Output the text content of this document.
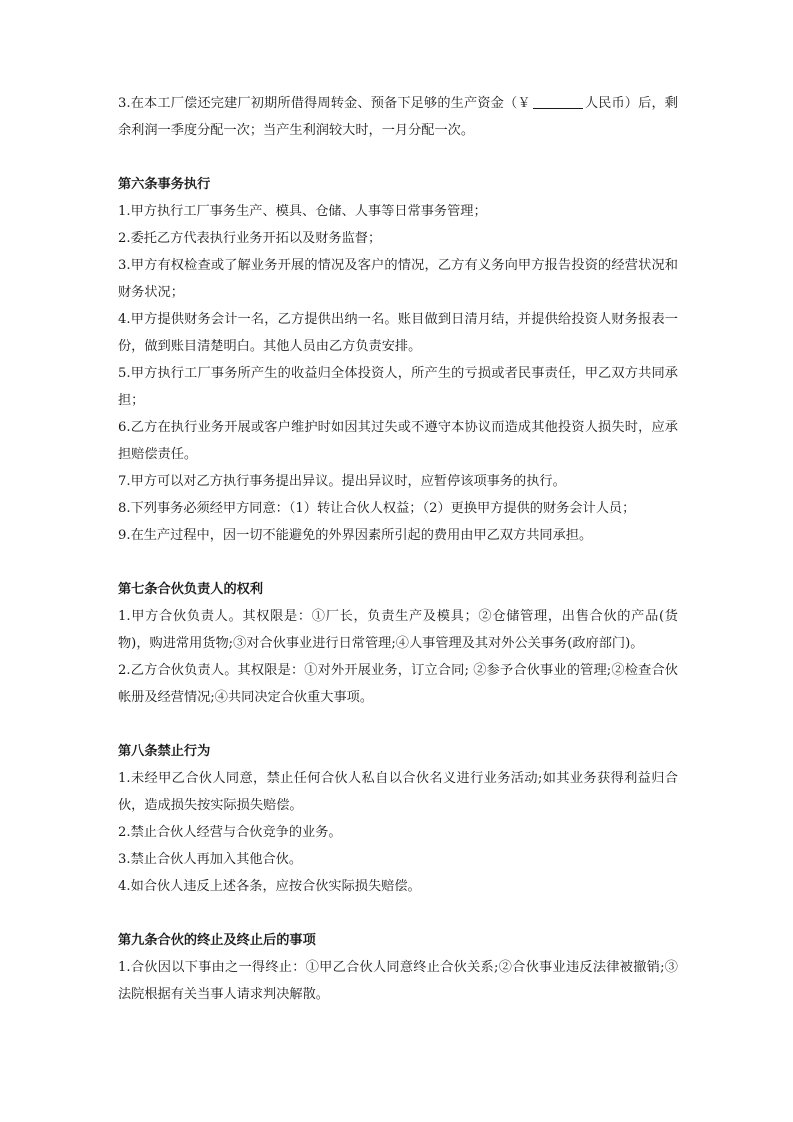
3.在本工厂偿还完建厂初期所借得周转金、预备下足够的生产资金（￥	人民币）后，剩余利润一季度分配一次；当产生利润较大时，一月分配一次。

第六条事务执行

1.甲方执行工厂事务生产、模具、仓储、人事等日常事务管理；

2.委托乙方代表执行业务开拓以及财务监督；

3.甲方有权检查或了解业务开展的情况及客户的情况，乙方有义务向甲方报告投资的经营状况和财务状况；

4.甲方提供财务会计一名，乙方提供出纳一名。账目做到日清月结，并提供给投资人财务报表一份，做到账目清楚明白。其他人员由乙方负责安排。

5.甲方执行工厂事务所产生的收益归全体投资人，所产生的亏损或者民事责任，甲乙双方共同承担；

6.乙方在执行业务开展或客户维护时如因其过失或不遵守本协议而造成其他投资人损失时，应承担赔偿责任。

7.甲方可以对乙方执行事务提出异议。提出异议时，应暂停该项事务的执行。

8.下列事务必须经甲方同意：（1）转让合伙人权益；（2）更换甲方提供的财务会计人员；

9.在生产过程中，因一切不能避免的外界因素所引起的费用由甲乙双方共同承担。

第七条合伙负责人的权利

1.甲方合伙负责人。其权限是：①厂长，负责生产及模具；②仓储管理，出售合伙的产品(货物)，购进常用货物;③对合伙事业进行日常管理;④人事管理及其对外公关事务(政府部门)。

2.乙方合伙负责人。其权限是：①对外开展业务，订立合同; ②参予合伙事业的管理;②检查合伙帐册及经营情况;④共同决定合伙重大事项。

第八条禁止行为

1.未经甲乙合伙人同意，禁止任何合伙人私自以合伙名义进行业务活动;如其业务获得利益归合伙，造成损失按实际损失赔偿。

2.禁止合伙人经营与合伙竞争的业务。

3.禁止合伙人再加入其他合伙。

4.如合伙人违反上述各条，应按合伙实际损失赔偿。

第九条合伙的终止及终止后的事项

1.合伙因以下事由之一得终止：①甲乙合伙人同意终止合伙关系;②合伙事业违反法律被撤销;③法院根据有关当事人请求判决解散。
